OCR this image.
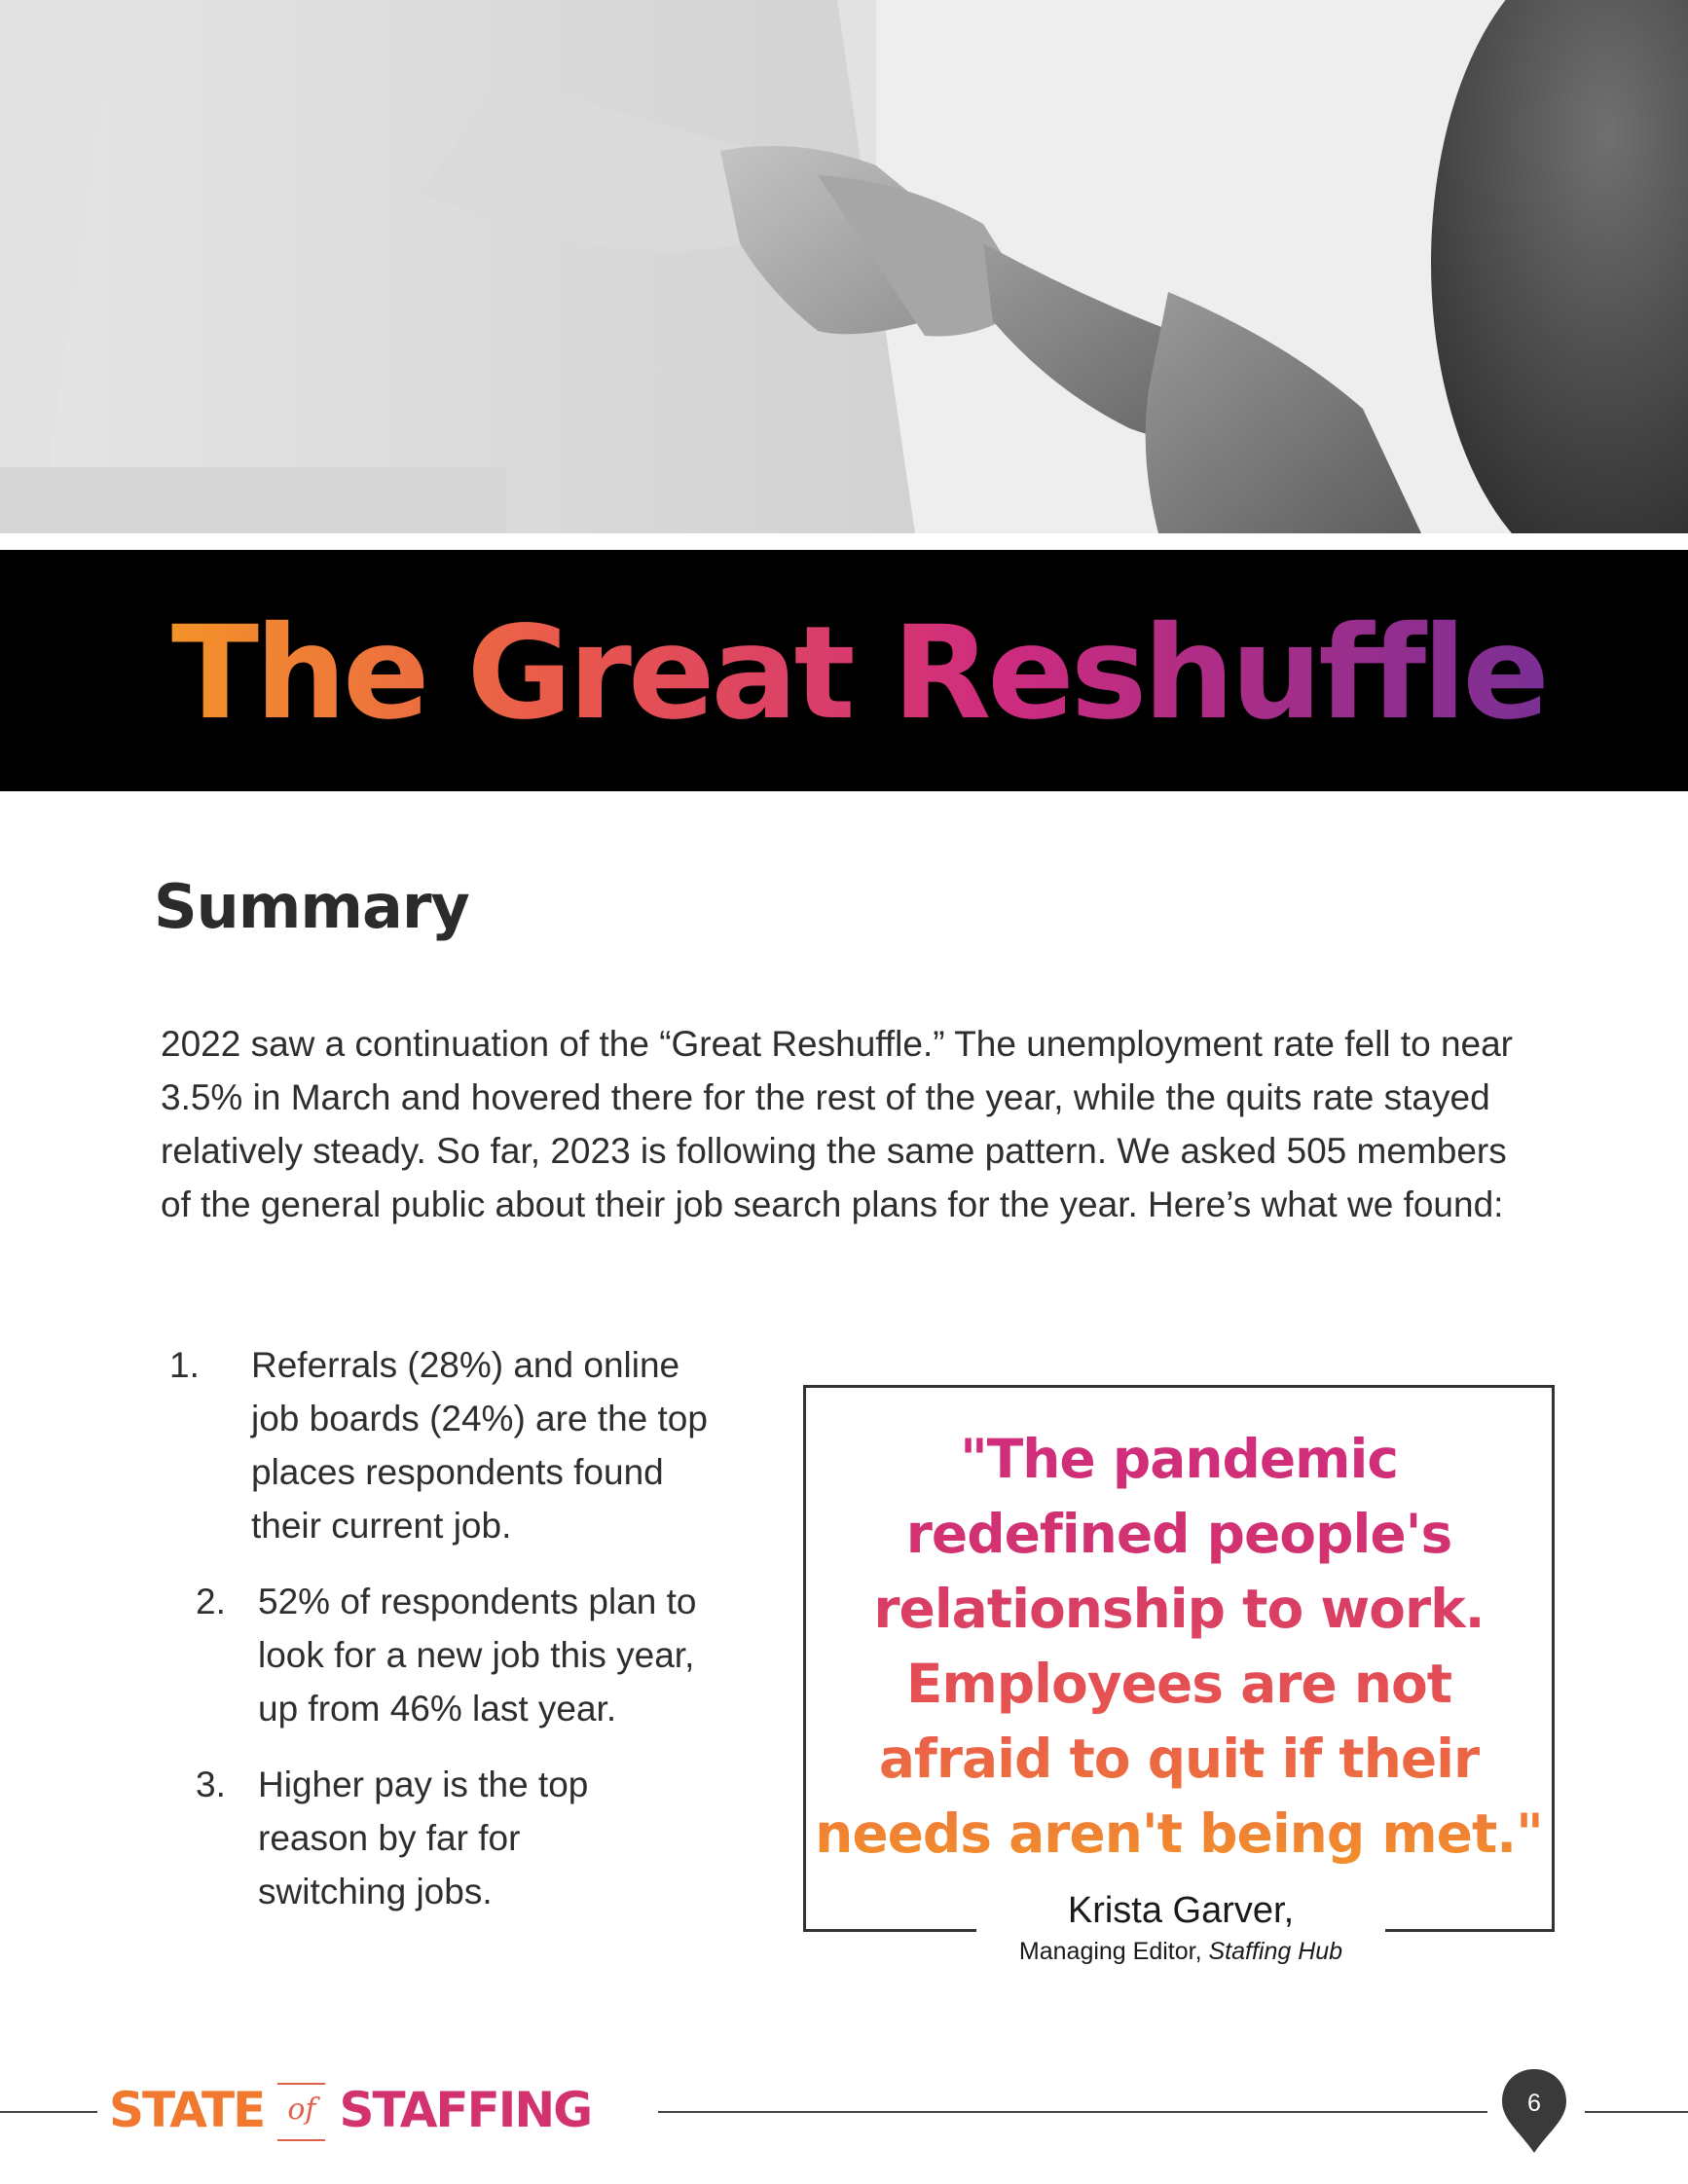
The Great Reshuffle
Summary

2022 saw a continuation of the “Great Reshuffle.” The unemployment rate fell to near 3.5% in March and hovered there for the rest of the year, while the quits rate stayed relatively steady. So far, 2023 is following the same pattern. We asked 505 members of the general public about their job search plans for the year. Here’s what we found:

1. Referrals (28%) and online
job boards (24%) are the top
places respondents found
their current job.
2. 52% of respondents plan to
look for a new job this year,
up from 46% last year.
3. Higher pay is the top
reason by far for
switching jobs.

"The pandemic
redefined people's
relationship to work.
Employees are not
afraid to quit if their
needs aren't being met."

Krista Garver,
Managing Editor, Staffing Hub
STATE of STAFFING	6
